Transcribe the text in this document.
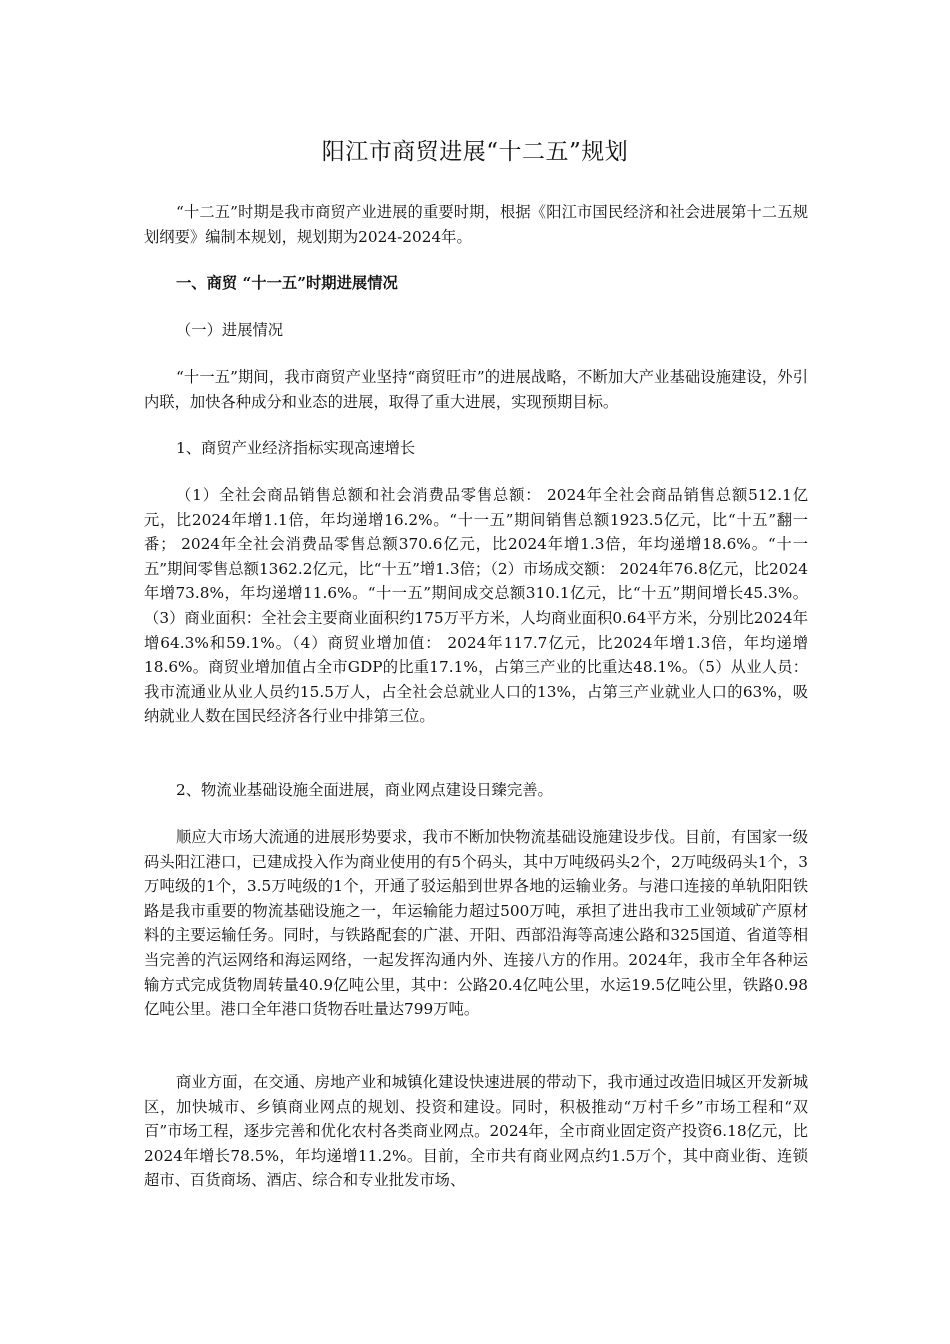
阳江市商贸进展“十二五”规划

“十二五”时期是我市商贸产业进展的重要时期，根据《阳江市国民经济和社会进展第十二五规划纲要》编制本规划，规划期为2024-2024年。

一、商贸 “十一五”时期进展情况

（一）进展情况

“十一五”期间，我市商贸产业坚持“商贸旺市”的进展战略，不断加大产业基础设施建设，外引内联，加快各种成分和业态的进展，取得了重大进展，实现预期目标。

1、商贸产业经济指标实现高速增长

（1）全社会商品销售总额和社会消费品零售总额： 2024年全社会商品销售总额512.1亿元，比2024年增1.1倍，年均递增16.2%。“十一五”期间销售总额1923.5亿元，比“十五”翻一番； 2024年全社会消费品零售总额370.6亿元，比2024年增1.3倍，年均递增18.6%。“十一五”期间零售总额1362.2亿元，比“十五”增1.3倍；（2）市场成交额： 2024年76.8亿元，比2024年增73.8%，年均递增11.6%。“十一五”期间成交总额310.1亿元，比“十五”期间增长45.3%。（3）商业面积：全社会主要商业面积约175万平方米，人均商业面积0.64平方米，分别比2024年增64.3%和59.1%。（4）商贸业增加值： 2024年117.7亿元，比2024年增1.3倍，年均递增18.6%。商贸业增加值占全市GDP的比重17.1%，占第三产业的比重达48.1%。（5）从业人员：我市流通业从业人员约15.5万人，占全社会总就业人口的13%，占第三产业就业人口的63%，吸纳就业人数在国民经济各行业中排第三位。

2、物流业基础设施全面进展，商业网点建设日臻完善。

顺应大市场大流通的进展形势要求，我市不断加快物流基础设施建设步伐。目前，有国家一级码头阳江港口，已建成投入作为商业使用的有5个码头，其中万吨级码头2个，2万吨级码头1个，3万吨级的1个，3.5万吨级的1个，开通了驳运船到世界各地的运输业务。与港口连接的单轨阳阳铁路是我市重要的物流基础设施之一，年运输能力超过500万吨，承担了进出我市工业领域矿产原材料的主要运输任务。同时，与铁路配套的广湛、开阳、西部沿海等高速公路和325国道、省道等相当完善的汽运网络和海运网络，一起发挥沟通内外、连接八方的作用。2024年，我市全年各种运输方式完成货物周转量40.9亿吨公里，其中：公路20.4亿吨公里，水运19.5亿吨公里，铁路0.98亿吨公里。港口全年港口货物吞吐量达799万吨。

商业方面，在交通、房地产业和城镇化建设快速进展的带动下，我市通过改造旧城区开发新城区，加快城市、乡镇商业网点的规划、投资和建设。同时，积极推动“万村千乡”市场工程和“双百”市场工程，逐步完善和优化农村各类商业网点。2024年，全市商业固定资产投资6.18亿元，比2024年增长78.5%，年均递增11.2%。目前，全市共有商业网点约1.5万个，其中商业街、连锁超市、百货商场、酒店、综合和专业批发市场、
